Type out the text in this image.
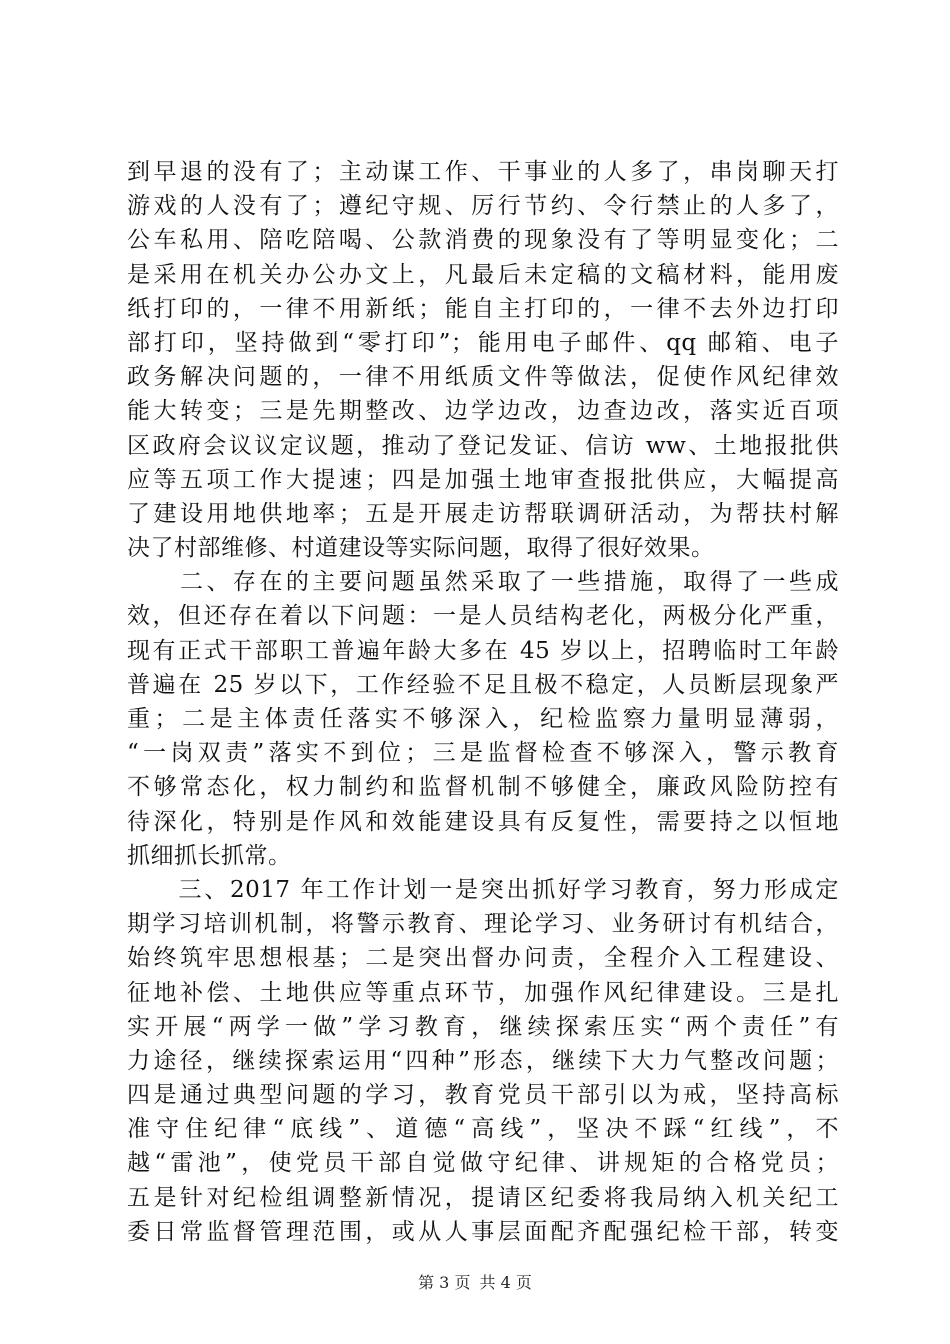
到早退的没有了；主动谋工作、干事业的人多了，串岗聊天打
游戏的人没有了；遵纪守规、厉行节约、令行禁止的人多了，
公车私用、陪吃陪喝、公款消费的现象没有了等明显变化；二
是采用在机关办公办文上，凡最后未定稿的文稿材料，能用废
纸打印的，一律不用新纸；能自主打印的，一律不去外边打印
部打印，坚持做到“零打印”；能用电子邮件、qq 邮箱、电子
政务解决问题的，一律不用纸质文件等做法，促使作风纪律效
能大转变；三是先期整改、边学边改，边查边改，落实近百项
区政府会议议定议题，推动了登记发证、信访 ww、土地报批供
应等五项工作大提速；四是加强土地审查报批供应，大幅提高
了建设用地供地率；五是开展走访帮联调研活动，为帮扶村解
决了村部维修、村道建设等实际问题，取得了很好效果。
　　二、存在的主要问题虽然采取了一些措施，取得了一些成
效，但还存在着以下问题：一是人员结构老化，两极分化严重，
现有正式干部职工普遍年龄大多在 45 岁以上，招聘临时工年龄
普遍在 25 岁以下，工作经验不足且极不稳定，人员断层现象严
重；二是主体责任落实不够深入，纪检监察力量明显薄弱，
“一岗双责”落实不到位；三是监督检查不够深入，警示教育
不够常态化，权力制约和监督机制不够健全，廉政风险防控有
待深化，特别是作风和效能建设具有反复性，需要持之以恒地
抓细抓长抓常。
　　三、2017 年工作计划一是突出抓好学习教育，努力形成定
期学习培训机制，将警示教育、理论学习、业务研讨有机结合，
始终筑牢思想根基；二是突出督办问责，全程介入工程建设、
征地补偿、土地供应等重点环节，加强作风纪律建设。三是扎
实开展“两学一做”学习教育，继续探索压实“两个责任”有
力途径，继续探索运用“四种”形态，继续下大力气整改问题；
四是通过典型问题的学习，教育党员干部引以为戒，坚持高标
准守住纪律“底线”、道德“高线”，坚决不踩“红线”，不
越“雷池”，使党员干部自觉做守纪律、讲规矩的合格党员；
五是针对纪检组调整新情况，提请区纪委将我局纳入机关纪工
委日常监督管理范围，或从人事层面配齐配强纪检干部，转变
第 3 页 共 4 页
